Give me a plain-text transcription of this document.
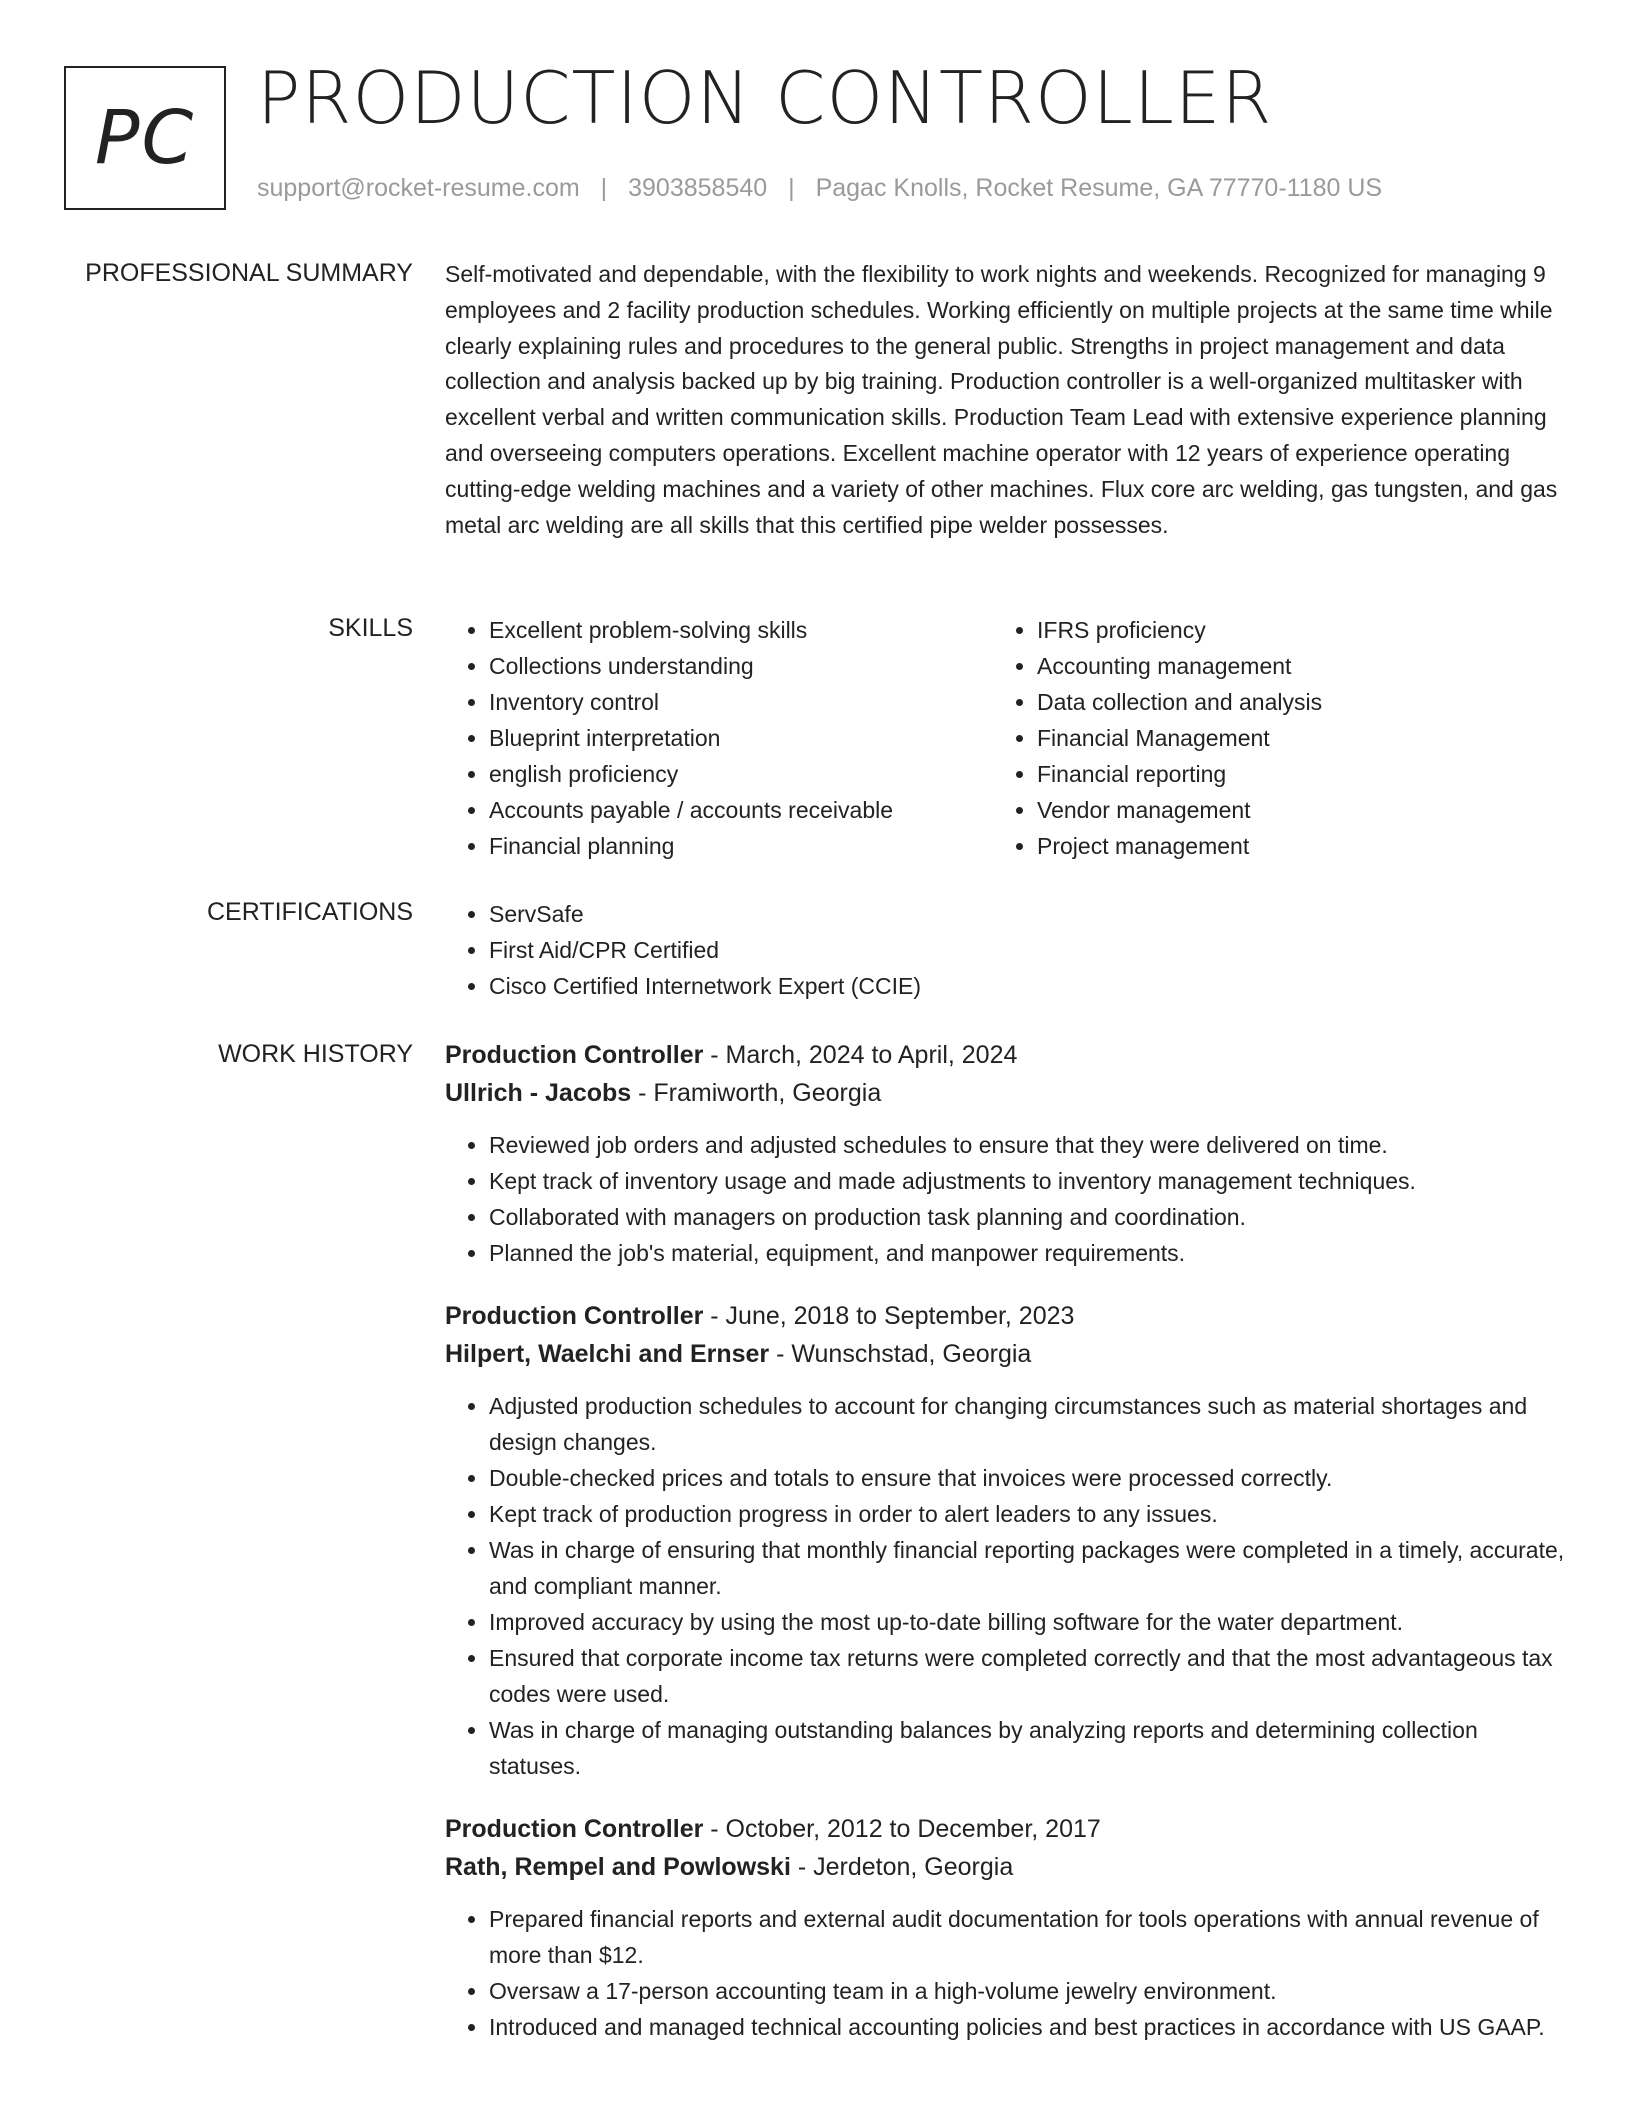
PC PRODUCTION CONTROLLER
support@rocket-resume.com | 3903858540 | Pagac Knolls, Rocket Resume, GA 77770-1180 US
PROFESSIONAL SUMMARY Self-motivated and dependable, with the flexibility to work nights and weekends. Recognized for managing 9 employees and 2 facility production schedules. Working efficiently on multiple projects at the same time while clearly explaining rules and procedures to the general public. Strengths in project management and data collection and analysis backed up by big training. Production controller is a well-organized multitasker with excellent verbal and written communication skills. Production Team Lead with extensive experience planning and overseeing computers operations. Excellent machine operator with 12 years of experience operating cutting-edge welding machines and a variety of other machines. Flux core arc welding, gas tungsten, and gas metal arc welding are all skills that this certified pipe welder possesses.
SKILLS	• Excellent problem-solving skills
• Collections understanding
• Inventory control
• Blueprint interpretation
• english proficiency
• Accounts payable / accounts receivable
• Financial planning
• IFRS proficiency
• Accounting management
• Data collection and analysis
• Financial Management
• Financial reporting
• Vendor management
• Project management
CERTIFICATIONS	• ServSafe
• First Aid/CPR Certified
• Cisco Certified Internetwork Expert (CCIE)
WORK HISTORY Production Controller - March, 2024 to April, 2024
Ullrich - Jacobs - Framiworth, Georgia
• Reviewed job orders and adjusted schedules to ensure that they were delivered on time.
• Kept track of inventory usage and made adjustments to inventory management techniques.
• Collaborated with managers on production task planning and coordination.
• Planned the job's material, equipment, and manpower requirements.
Production Controller - June, 2018 to September, 2023
Hilpert, Waelchi and Ernser - Wunschstad, Georgia
• Adjusted production schedules to account for changing circumstances such as material shortages and design changes.
• Double-checked prices and totals to ensure that invoices were processed correctly.
• Kept track of production progress in order to alert leaders to any issues.
• Was in charge of ensuring that monthly financial reporting packages were completed in a timely, accurate, and compliant manner.
• Improved accuracy by using the most up-to-date billing software for the water department.
• Ensured that corporate income tax returns were completed correctly and that the most advantageous tax codes were used.
• Was in charge of managing outstanding balances by analyzing reports and determining collection statuses.
Production Controller - October, 2012 to December, 2017
Rath, Rempel and Powlowski - Jerdeton, Georgia
• Prepared financial reports and external audit documentation for tools operations with annual revenue of more than $12.
• Oversaw a 17-person accounting team in a high-volume jewelry environment.
• Introduced and managed technical accounting policies and best practices in accordance with US GAAP.
